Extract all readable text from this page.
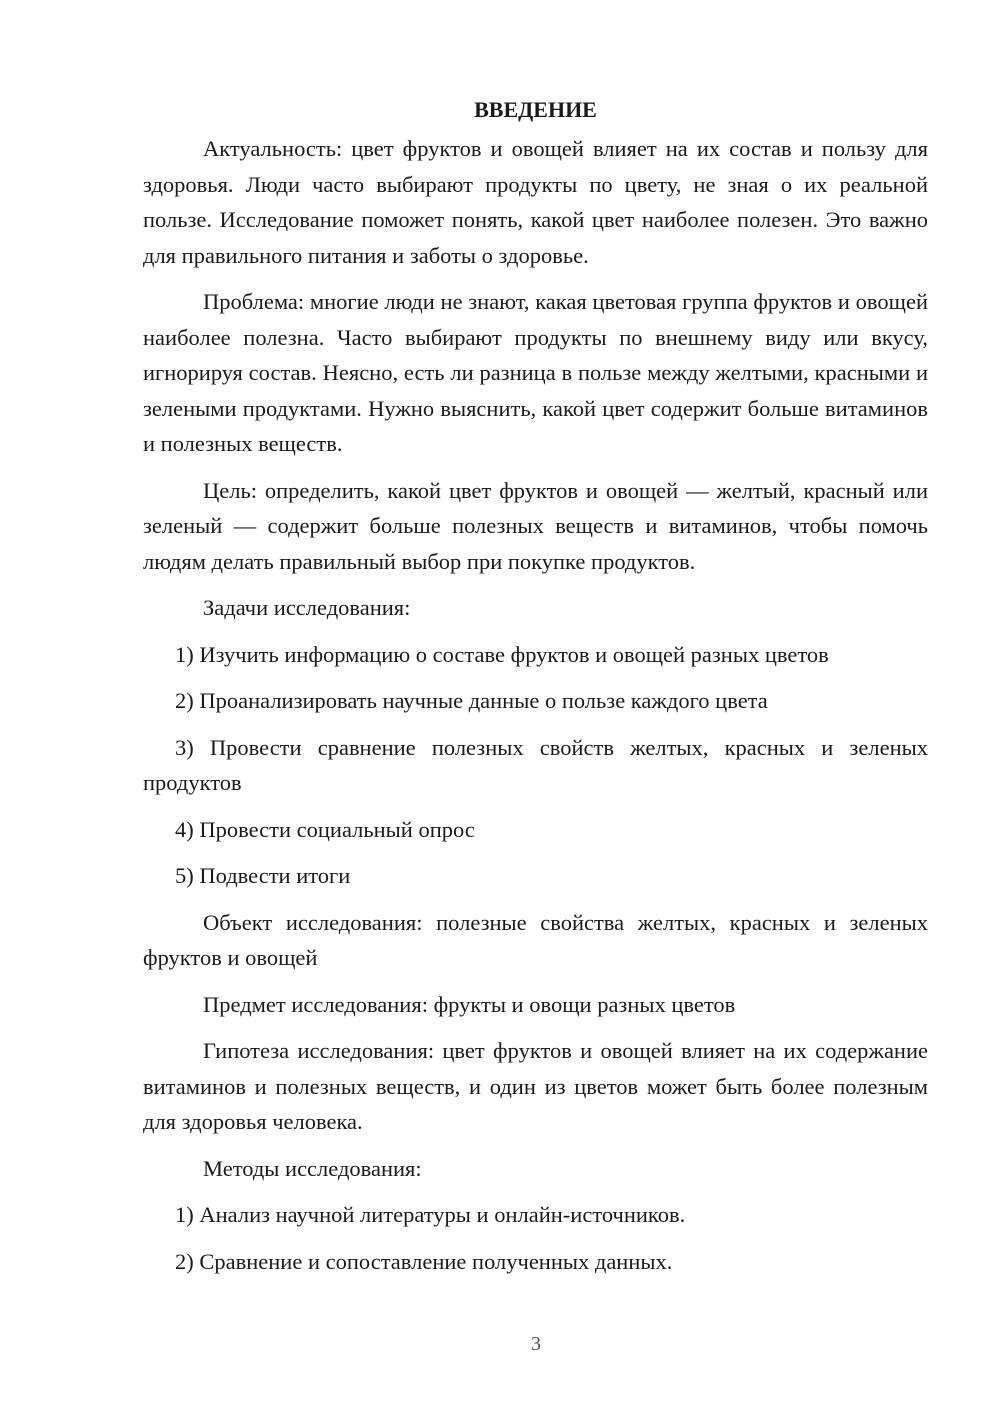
ВВЕДЕНИЕ

Актуальность: цвет фруктов и овощей влияет на их состав и пользу для здоровья. Люди часто выбирают продукты по цвету, не зная о их реальной пользе. Исследование поможет понять, какой цвет наиболее полезен. Это важно для правильного питания и заботы о здоровье.

Проблема: многие люди не знают, какая цветовая группа фруктов и овощей наиболее полезна. Часто выбирают продукты по внешнему виду или вкусу, игнорируя состав. Неясно, есть ли разница в пользе между желтыми, красными и зелеными продуктами. Нужно выяснить, какой цвет содержит больше витаминов и полезных веществ.

Цель: определить, какой цвет фруктов и овощей — желтый, красный или зеленый — содержит больше полезных веществ и витаминов, чтобы помочь людям делать правильный выбор при покупке продуктов.

Задачи исследования:

1) Изучить информацию о составе фруктов и овощей разных цветов

2) Проанализировать научные данные о пользе каждого цвета

3) Провести сравнение полезных свойств желтых, красных и зеленых продуктов

4) Провести социальный опрос

5) Подвести итоги

Объект исследования: полезные свойства желтых, красных и зеленых фруктов и овощей

Предмет исследования: фрукты и овощи разных цветов

Гипотеза исследования: цвет фруктов и овощей влияет на их содержание витаминов и полезных веществ, и один из цветов может быть более полезным для здоровья человека.

Методы исследования:

1) Анализ научной литературы и онлайн-источников.

2) Сравнение и сопоставление полученных данных.

3
